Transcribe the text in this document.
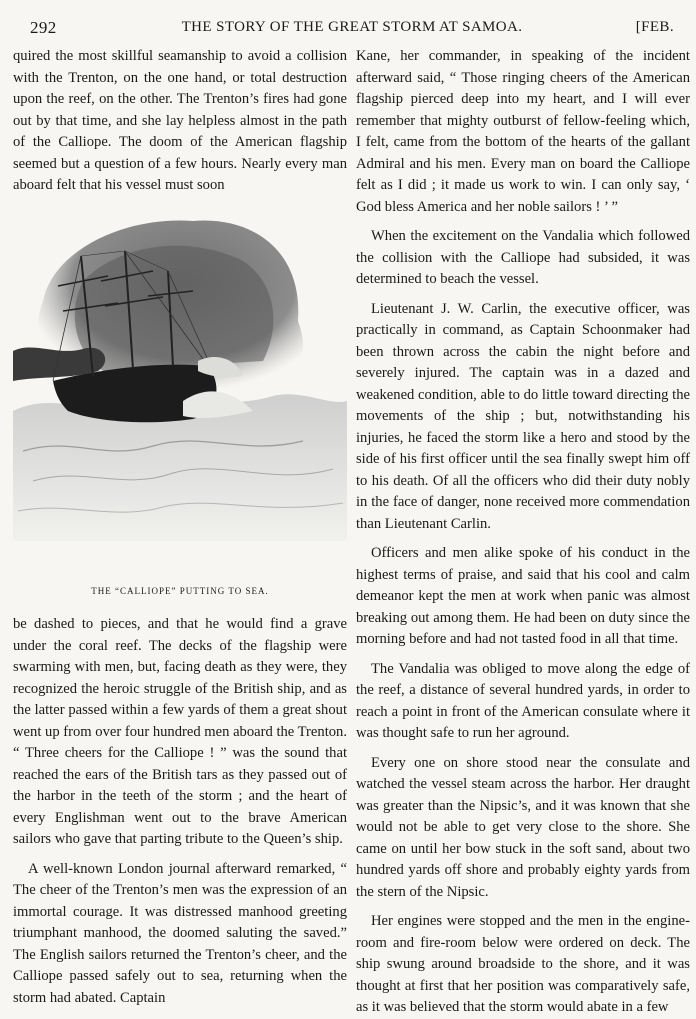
292	THE STORY OF THE GREAT STORM AT SAMOA.	[FEB.

quired the most skillful seamanship to avoid a collision with the Trenton, on the one hand, or total destruction upon the reef, on the other. The Trenton’s fires had gone out by that time, and she lay helpless almost in the path of the Calliope. The doom of the American flagship seemed but a question of a few hours. Nearly every man aboard felt that his vessel must soon

THE “CALLIOPE” PUTTING TO SEA.

be dashed to pieces, and that he would find a grave under the coral reef. The decks of the flagship were swarming with men, but, facing death as they were, they recognized the heroic struggle of the British ship, and as the latter passed within a few yards of them a great shout went up from over four hundred men aboard the Trenton. “ Three cheers for the Calliope ! ” was the sound that reached the ears of the British tars as they passed out of the harbor in the teeth of the storm ; and the heart of every Englishman went out to the brave American sailors who gave that parting tribute to the Queen’s ship.

A well-known London journal afterward remarked, “ The cheer of the Trenton’s men was the expression of an immortal courage. It was distressed manhood greeting triumphant manhood, the doomed saluting the saved.” The English sailors returned the Trenton’s cheer, and the Calliope passed safely out to sea, returning when the storm had abated. Captain

Kane, her commander, in speaking of the incident afterward said, “ Those ringing cheers of the American flagship pierced deep into my heart, and I will ever remember that mighty outburst of fellow-feeling which, I felt, came from the bottom of the hearts of the gallant Admiral and his men. Every man on board the Calliope felt as I did ; it made us work to win. I can only say, ‘ God bless America and her noble sailors ! ’ ”

When the excitement on the Vandalia which followed the collision with the Calliope had subsided, it was determined to beach the vessel.

Lieutenant J. W. Carlin, the executive officer, was practically in command, as Captain Schoonmaker had been thrown across the cabin the night before and severely injured. The captain was in a dazed and weakened condition, able to do little toward directing the movements of the ship ; but, notwithstanding his injuries, he faced the storm like a hero and stood by the side of his first officer until the sea finally swept him off to his death. Of all the officers who did their duty nobly in the face of danger, none received more commendation than Lieutenant Carlin.

Officers and men alike spoke of his conduct in the highest terms of praise, and said that his cool and calm demeanor kept the men at work when panic was almost breaking out among them. He had been on duty since the morning before and had not tasted food in all that time.

The Vandalia was obliged to move along the edge of the reef, a distance of several hundred yards, in order to reach a point in front of the American consulate where it was thought safe to run her aground.

Every one on shore stood near the consulate and watched the vessel steam across the harbor. Her draught was greater than the Nipsic’s, and it was known that she would not be able to get very close to the shore. She came on until her bow stuck in the soft sand, about two hundred yards off shore and probably eighty yards from the stern of the Nipsic.

Her engines were stopped and the men in the engine-room and fire-room below were ordered on deck. The ship swung around broadside to the shore, and it was thought at first that her position was comparatively safe, as it was believed that the storm would abate in a few
